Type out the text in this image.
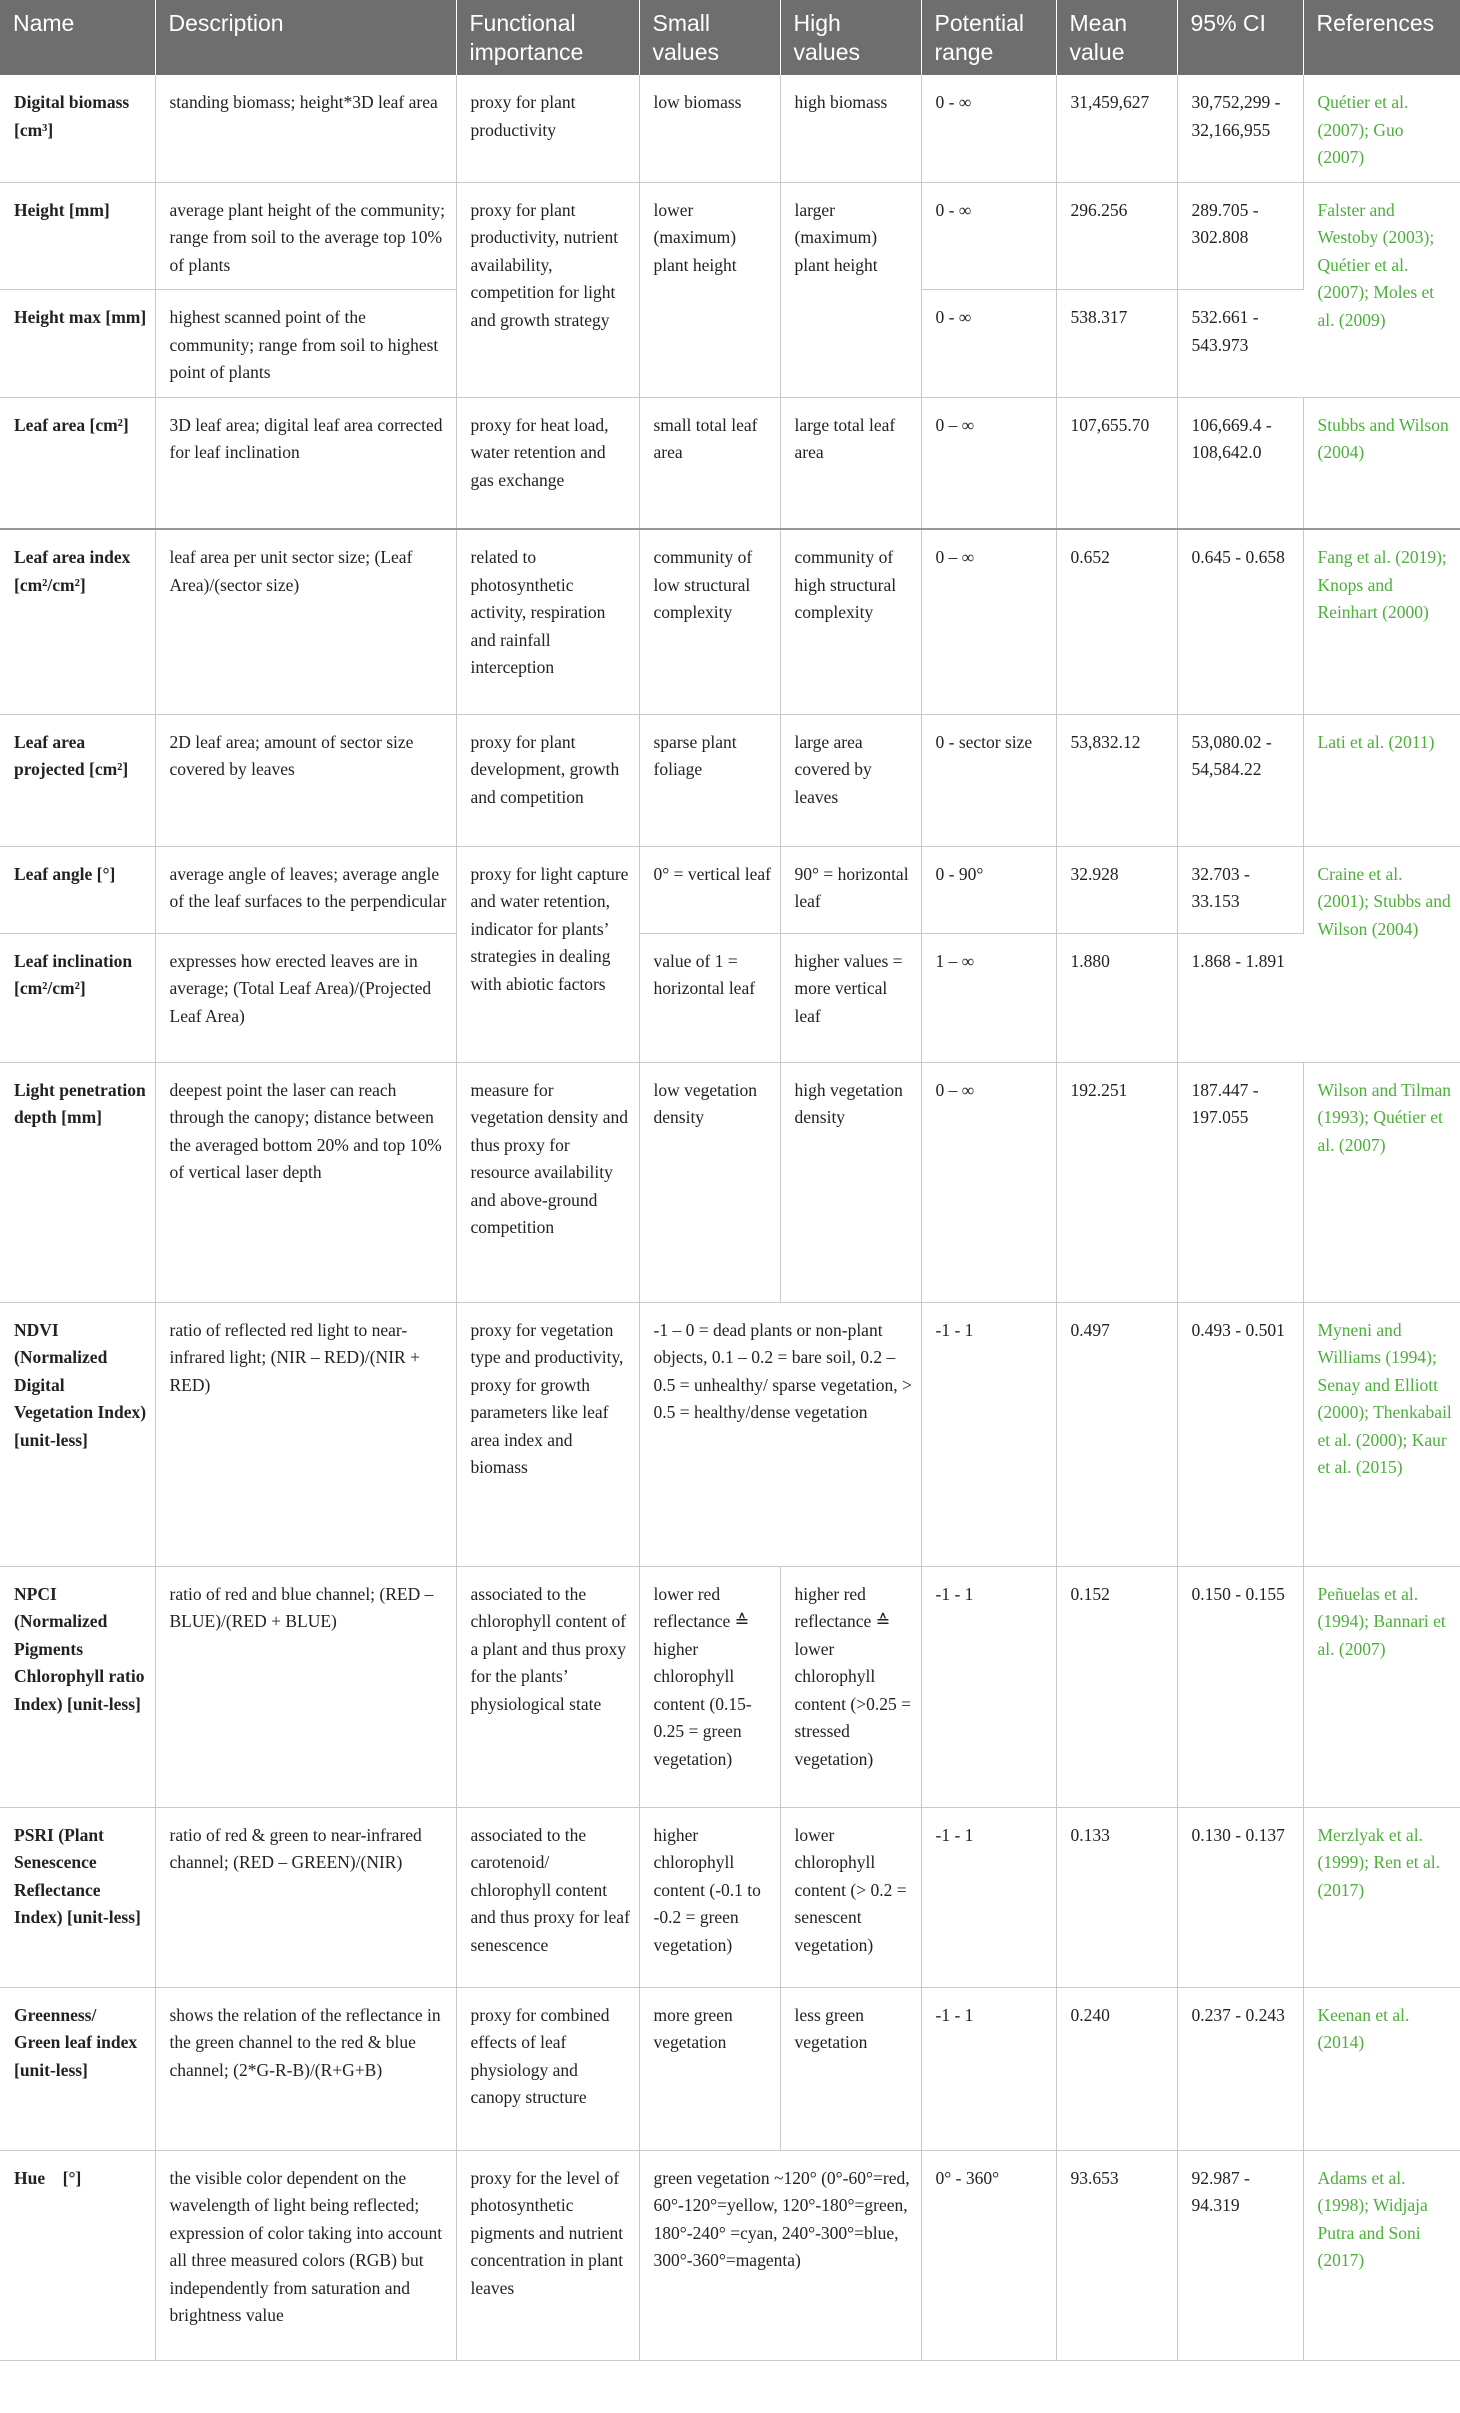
Name	Description	Functional importance	Small values	High values	Potential range	Mean value	95% CI	References
Digital biomass [cm³]	standing biomass; height*3D leaf area	proxy for plant productivity	low biomass	high biomass	0 - ∞	31,459,627	30,752,299 - 32,166,955	Quétier et al. (2007); Guo (2007)
Height [mm]	average plant height of the community; range from soil to the average top 10% of plants	proxy for plant productivity, nutrient availability, competition for light and growth strategy	lower (maximum) plant height	larger (maximum) plant height	0 - ∞	296.256	289.705 - 302.808	Falster and Westoby (2003); Quétier et al. (2007); Moles et al. (2009)
Height max [mm]	highest scanned point of the community; range from soil to highest point of plants				0 - ∞	538.317	532.661 - 543.973	
Leaf area [cm²]	3D leaf area; digital leaf area corrected for leaf inclination	proxy for heat load, water retention and gas exchange	small total leaf area	large total leaf area	0 – ∞	107,655.70	106,669.4 - 108,642.0	Stubbs and Wilson (2004)
Leaf area index [cm²/cm²]	leaf area per unit sector size; (Leaf Area)/(sector size)	related to photosynthetic activity, respiration and rainfall interception	community of low structural complexity	community of high structural complexity	0 – ∞	0.652	0.645 - 0.658	Fang et al. (2019); Knops and Reinhart (2000)
Leaf area projected [cm²]	2D leaf area; amount of sector size covered by leaves	proxy for plant development, growth and competition	sparse plant foliage	large area covered by leaves	0 - sector size	53,832.12	53,080.02 - 54,584.22	Lati et al. (2011)
Leaf angle [°]	average angle of leaves; average angle of the leaf surfaces to the perpendicular	proxy for light capture and water retention, indicator for plants’ strategies in dealing with abiotic factors	0° = vertical leaf	90° = horizontal leaf	0 - 90°	32.928	32.703 - 33.153	Craine et al. (2001); Stubbs and Wilson (2004)
Leaf inclination [cm²/cm²]	expresses how erected leaves are in average; (Total Leaf Area)/(Projected Leaf Area)		value of 1 = horizontal leaf	higher values = more vertical leaf	1 – ∞	1.880	1.868 - 1.891	
Light penetration depth [mm]	deepest point the laser can reach through the canopy; distance between the averaged bottom 20% and top 10% of vertical laser depth	measure for vegetation density and thus proxy for resource availability and above-ground competition	low vegetation density	high vegetation density	0 – ∞	192.251	187.447 - 197.055	Wilson and Tilman (1993); Quétier et al. (2007)
NDVI (Normalized Digital Vegetation Index) [unit-less]	ratio of reflected red light to near-infrared light; (NIR – RED)/(NIR + RED)	proxy for vegetation type and productivity, proxy for growth parameters like leaf area index and biomass	-1 – 0 = dead plants or non-plant objects, 0.1 – 0.2 = bare soil, 0.2 – 0.5 = unhealthy/ sparse vegetation, > 0.5 = healthy/dense vegetation		-1 - 1	0.497	0.493 - 0.501	Myneni and Williams (1994); Senay and Elliott (2000); Thenkabail et al. (2000); Kaur et al. (2015)
NPCI (Normalized Pigments Chlorophyll ratio Index) [unit-less]	ratio of red and blue channel; (RED – BLUE)/(RED + BLUE)	associated to the chlorophyll content of a plant and thus proxy for the plants’ physiological state	lower red reflectance ≙ higher chlorophyll content (0.15-0.25 = green vegetation)	higher red reflectance ≙ lower chlorophyll content (>0.25 = stressed vegetation)	-1 - 1	0.152	0.150 - 0.155	Peñuelas et al. (1994); Bannari et al. (2007)
PSRI (Plant Senescence Reflectance Index) [unit-less]	ratio of red & green to near-infrared channel; (RED – GREEN)/(NIR)	associated to the carotenoid/ chlorophyll content and thus proxy for leaf senescence	higher chlorophyll content (-0.1 to -0.2 = green vegetation)	lower chlorophyll content (> 0.2 = senescent vegetation)	-1 - 1	0.133	0.130 - 0.137	Merzlyak et al. (1999); Ren et al. (2017)
Greenness/ Green leaf index [unit-less]	shows the relation of the reflectance in the green channel to the red & blue channel; (2*G-R-B)/(R+G+B)	proxy for combined effects of leaf physiology and canopy structure	more green vegetation	less green vegetation	-1 - 1	0.240	0.237 - 0.243	Keenan et al. (2014)
Hue    [°]	the visible color dependent on the wavelength of light being reflected; expression of color taking into account all three measured colors (RGB) but independently from saturation and brightness value	proxy for the level of photosynthetic pigments and nutrient concentration in plant leaves	green vegetation ~120° (0°-60°=red, 60°-120°=yellow, 120°-180°=green, 180°-240° =cyan, 240°-300°=blue, 300°-360°=magenta)		0° - 360°	93.653	92.987 - 94.319	Adams et al. (1998); Widjaja Putra and Soni (2017)
